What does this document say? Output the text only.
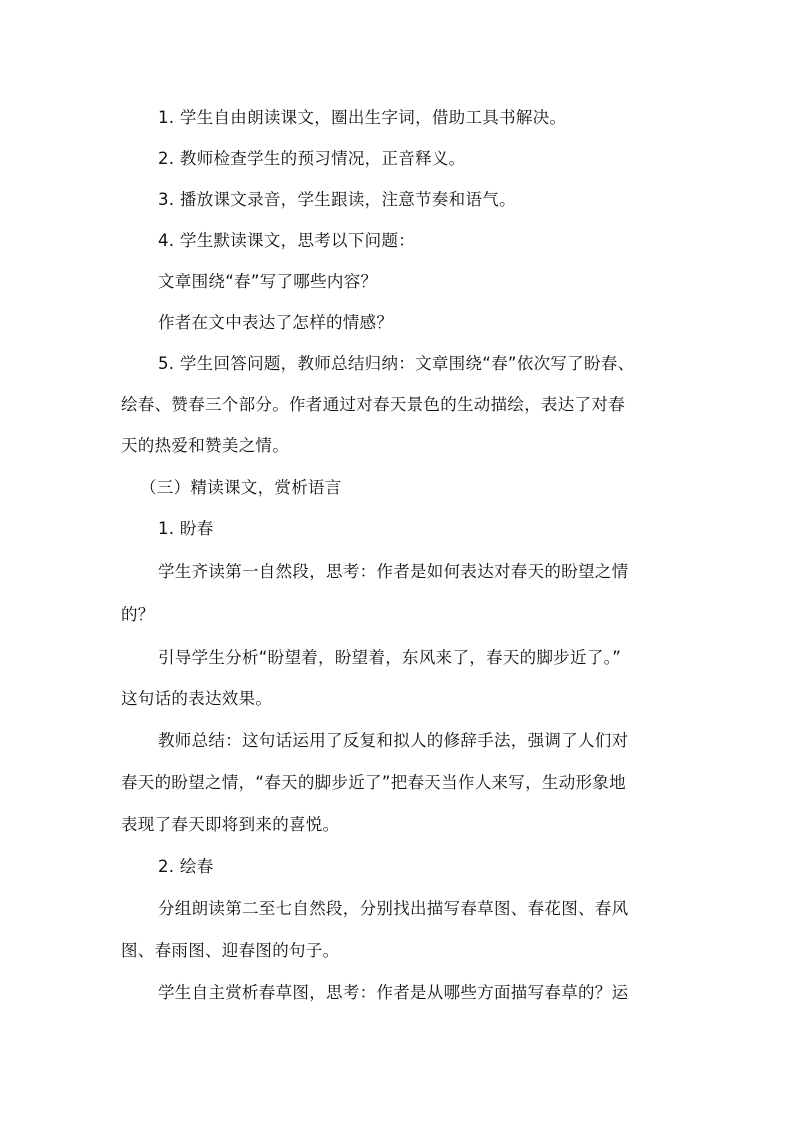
1. 学生自由朗读课文，圈出生字词，借助工具书解决。
2. 教师检查学生的预习情况，正音释义。
3. 播放课文录音，学生跟读，注意节奏和语气。
4. 学生默读课文，思考以下问题：
文章围绕“春”写了哪些内容？
作者在文中表达了怎样的情感？
5. 学生回答问题，教师总结归纳：文章围绕“春”依次写了盼春、
绘春、赞春三个部分。作者通过对春天景色的生动描绘，表达了对春
天的热爱和赞美之情。
（三）精读课文，赏析语言
1. 盼春
学生齐读第一自然段，思考：作者是如何表达对春天的盼望之情
的？
引导学生分析“盼望着，盼望着，东风来了，春天的脚步近了。”
这句话的表达效果。
教师总结：这句话运用了反复和拟人的修辞手法，强调了人们对
春天的盼望之情，“春天的脚步近了”把春天当作人来写，生动形象地
表现了春天即将到来的喜悦。
2. 绘春
分组朗读第二至七自然段，分别找出描写春草图、春花图、春风
图、春雨图、迎春图的句子。
学生自主赏析春草图，思考：作者是从哪些方面描写春草的？运
